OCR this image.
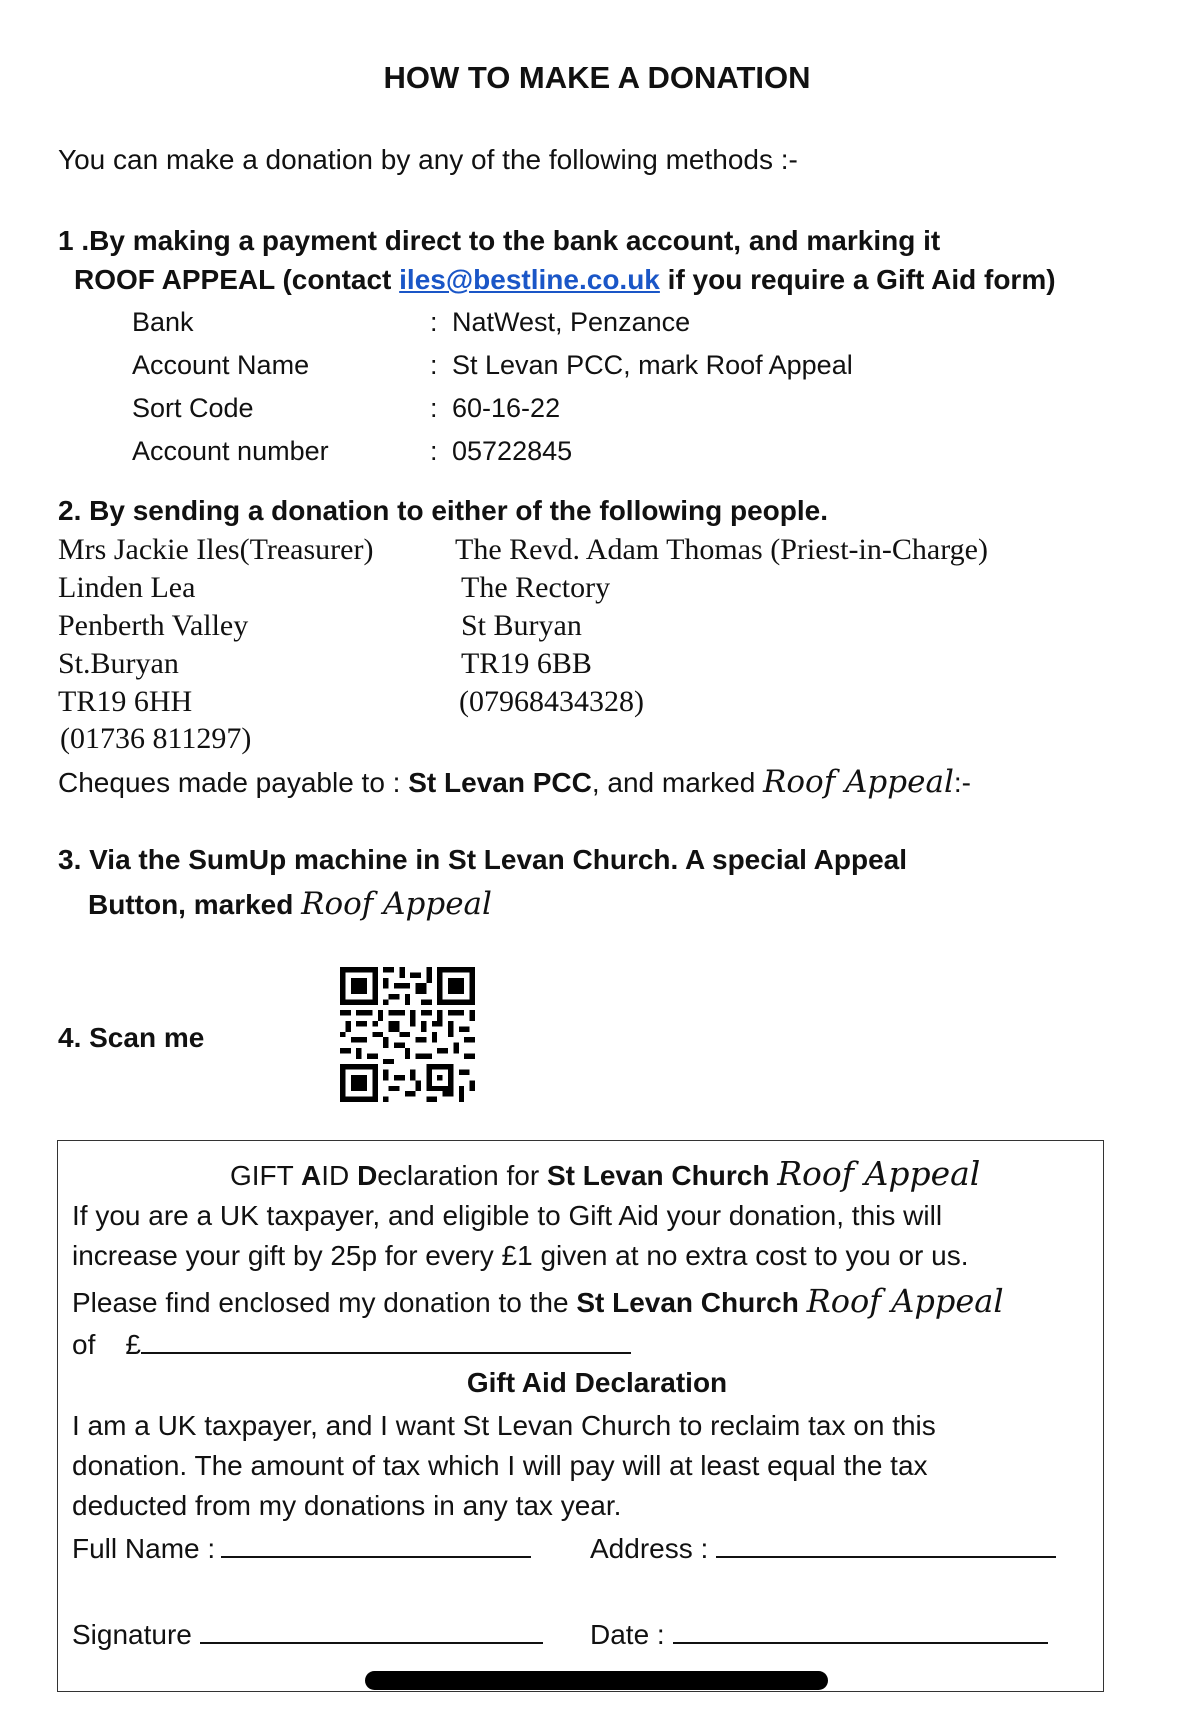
HOW TO MAKE A DONATION
You can make a donation by any of the following methods :-
1 .By making a payment direct to the bank account, and marking it
ROOF APPEAL (contact iles@bestline.co.uk if you require a Gift Aid form)
Bank	: NatWest, Penzance
Account Name	: St Levan PCC, mark Roof Appeal
Sort Code	: 60-16-22
Account number	: 05722845
2. By sending a donation to either of the following people.
Mrs Jackie Iles(Treasurer)
Linden Lea
Penberth Valley
St.Buryan
TR19 6HH
(01736 811297)
The Revd. Adam Thomas (Priest-in-Charge)
The Rectory
St Buryan
TR19 6BB
(07968434328)
Cheques made payable to : St Levan PCC, and marked Roof Appeal:-
3. Via the SumUp machine in St Levan Church. A special Appeal
Button, marked Roof Appeal
4. Scan me
GIFT AID Declaration for St Levan Church Roof Appeal
If you are a UK taxpayer, and eligible to Gift Aid your donation, this will
increase your gift by 25p for every £1 given at no extra cost to you or us.
Please find enclosed my donation to the St Levan Church Roof Appeal
of £
Gift Aid Declaration
I am a UK taxpayer, and I want St Levan Church to reclaim tax on this
donation. The amount of tax which I will pay will at least equal the tax
deducted from my donations in any tax year.
Full Name :	Address :
Signature	Date :
